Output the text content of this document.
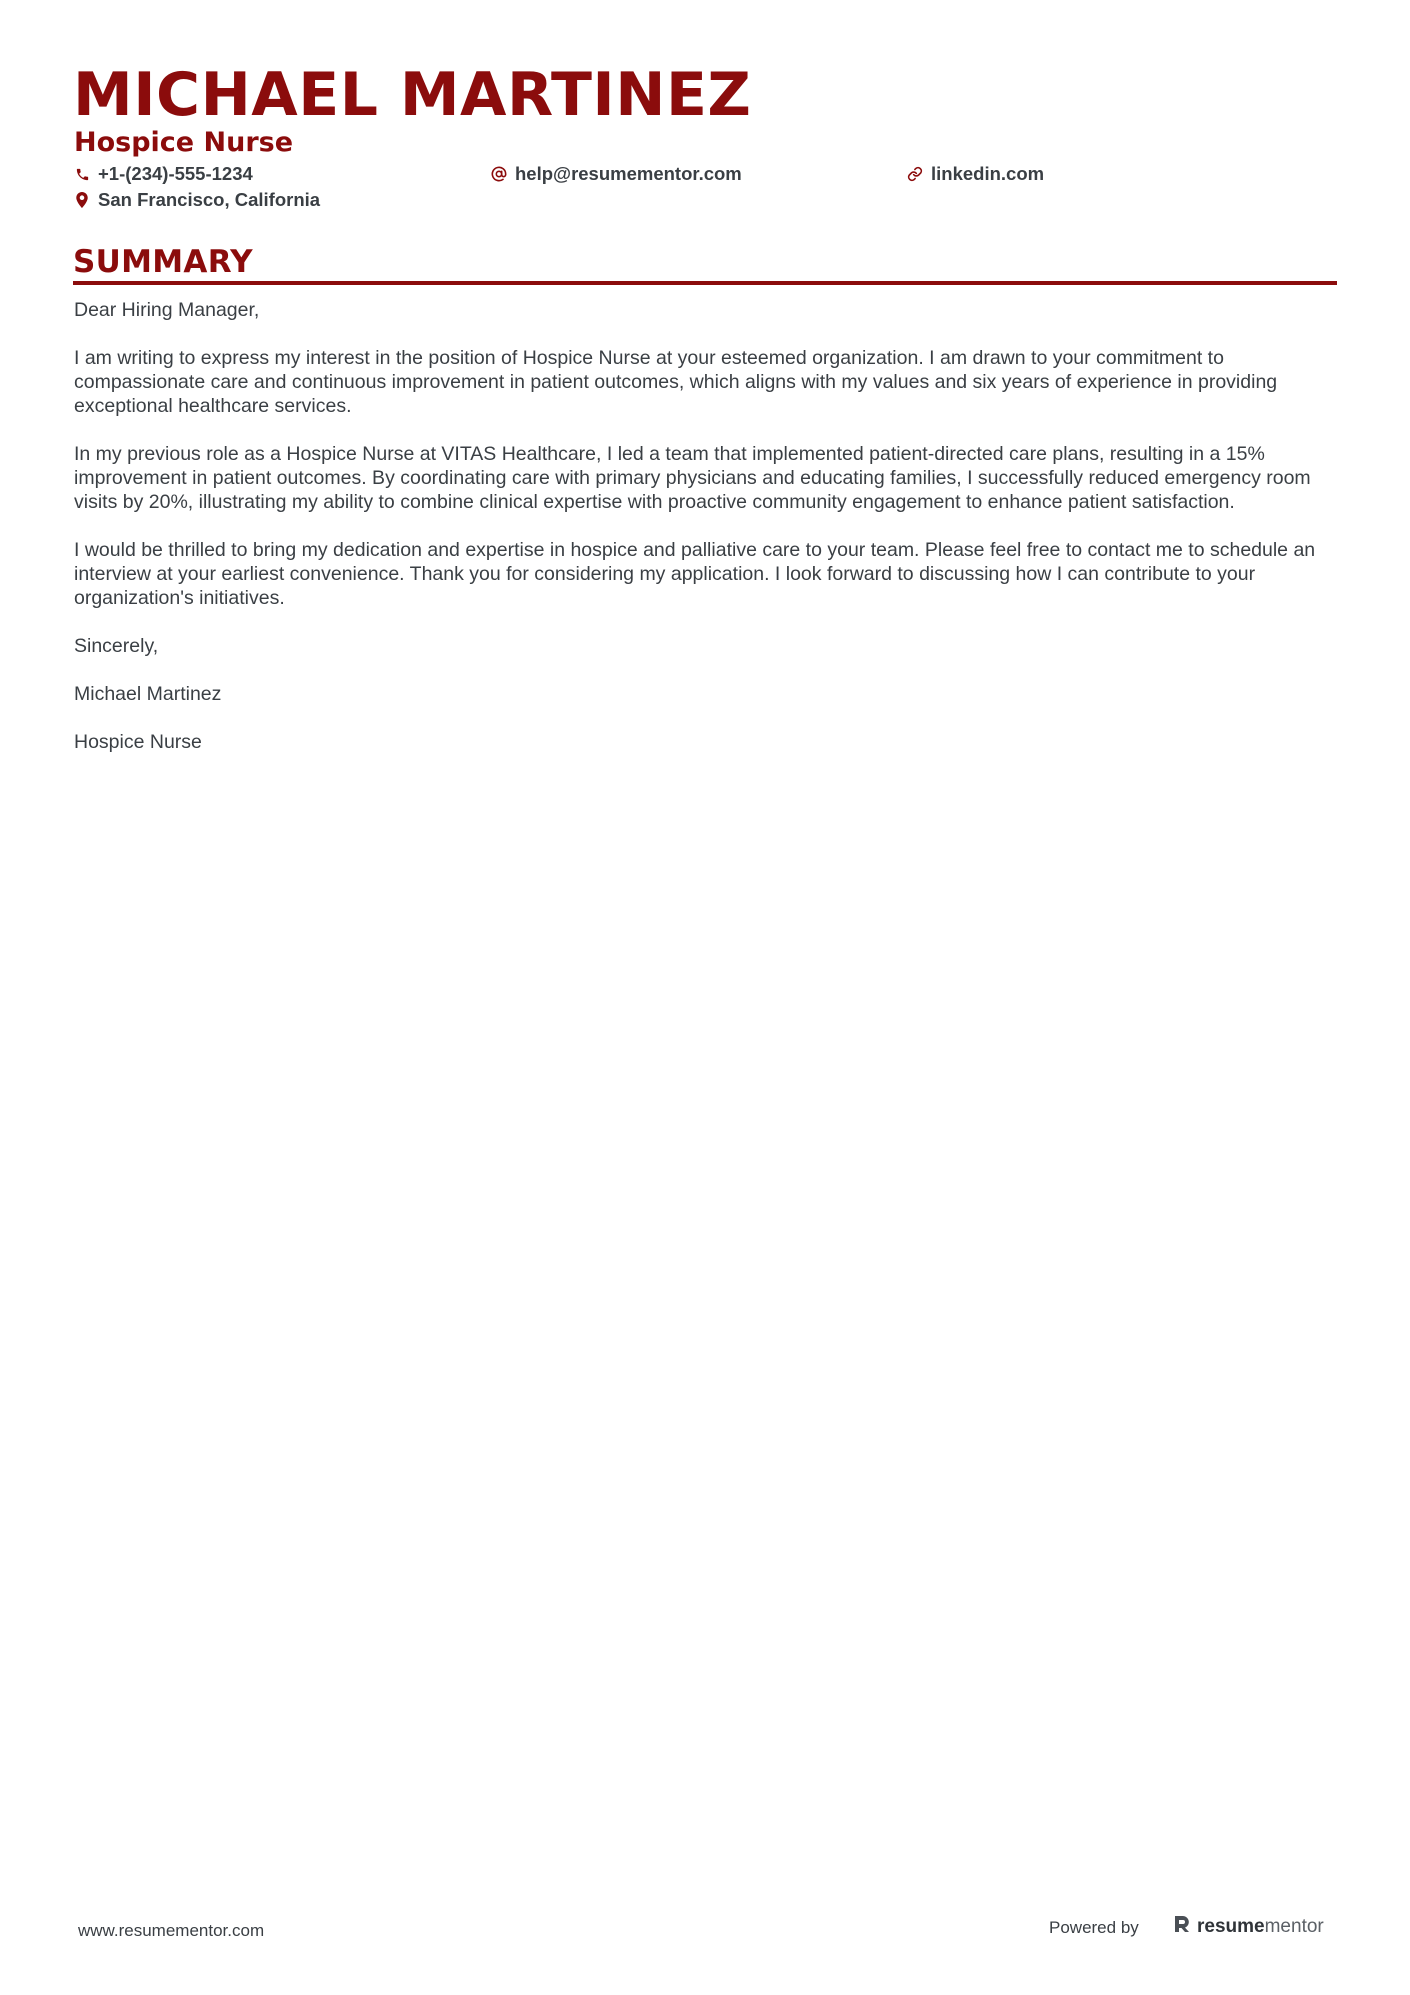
MICHAEL MARTINEZ
Hospice Nurse
+1-(234)-555-1234	help@resumementor.com	linkedin.com
San Francisco, California
SUMMARY

Dear Hiring Manager,

I am writing to express my interest in the position of Hospice Nurse at your esteemed organization. I am drawn to your commitment to compassionate care and continuous improvement in patient outcomes, which aligns with my values and six years of experience in providing exceptional healthcare services.

In my previous role as a Hospice Nurse at VITAS Healthcare, I led a team that implemented patient-directed care plans, resulting in a 15% improvement in patient outcomes. By coordinating care with primary physicians and educating families, I successfully reduced emergency room visits by 20%, illustrating my ability to combine clinical expertise with proactive community engagement to enhance patient satisfaction.

I would be thrilled to bring my dedication and expertise in hospice and palliative care to your team. Please feel free to contact me to schedule an interview at your earliest convenience. Thank you for considering my application. I look forward to discussing how I can contribute to your organization's initiatives.

Sincerely,

Michael Martinez

Hospice Nurse

www.resumementor.com	Powered by	resumementor
